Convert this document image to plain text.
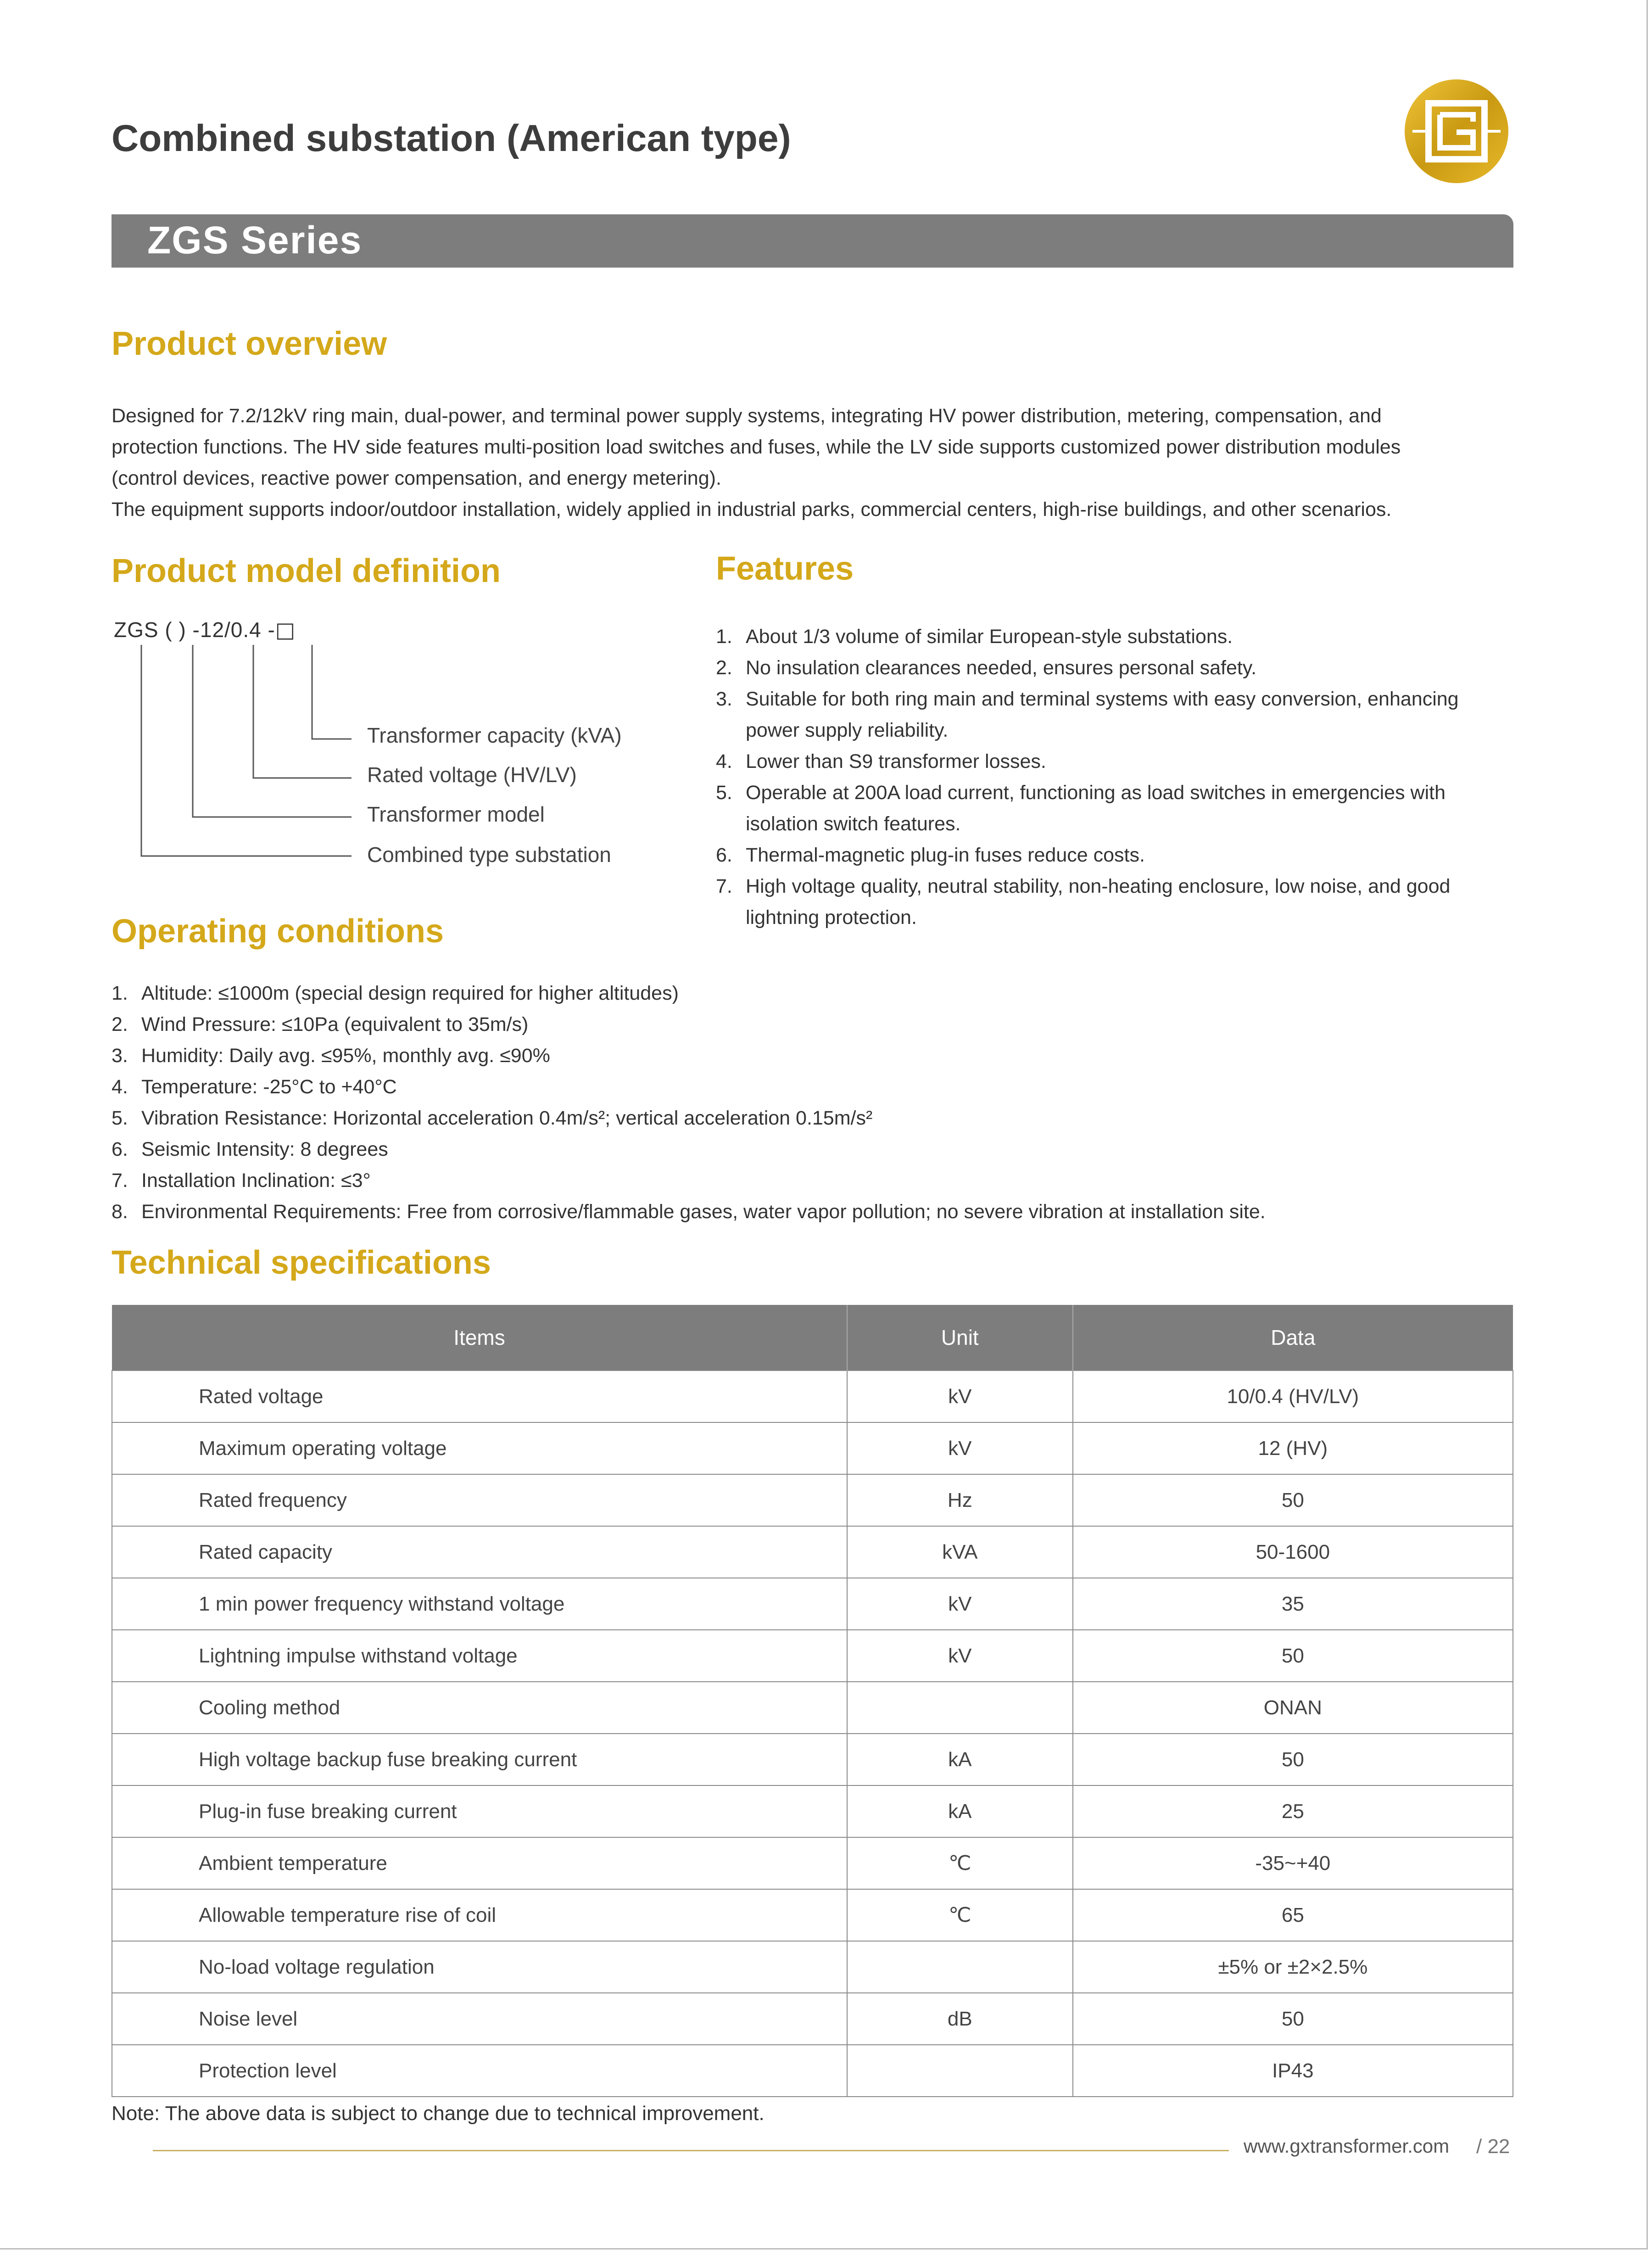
Combined substation (American type)
ZGS Series
Product overview

Designed for 7.2/12kV ring main, dual-power, and terminal power supply systems, integrating HV power distribution, metering, compensation, and

protection functions. The HV side features multi-position load switches and fuses, while the LV side supports customized power distribution modules

(control devices, reactive power compensation, and energy metering).

The equipment supports indoor/outdoor installation, widely applied in industrial parks, commercial centers, high-rise buildings, and other scenarios.

Product model definition
ZGS ( ) -12/0.4 -□
Transformer capacity (kVA)
Rated voltage (HV/LV)
Transformer model
Combined type substation
Features
1. About 1/3 volume of similar European-style substations.
2. No insulation clearances needed, ensures personal safety.
3. Suitable for both ring main and terminal systems with easy conversion, enhancing
power supply reliability.
4. Lower than S9 transformer losses.
5. Operable at 200A load current, functioning as load switches in emergencies with
isolation switch features.
6. Thermal-magnetic plug-in fuses reduce costs.
7. High voltage quality, neutral stability, non-heating enclosure, low noise, and good
lightning protection.
Operating conditions
1. Altitude: ≤1000m (special design required for higher altitudes)
2. Wind Pressure: ≤10Pa (equivalent to 35m/s)
3. Humidity: Daily avg. ≤95%, monthly avg. ≤90%
4. Temperature: -25°C to +40°C
5. Vibration Resistance: Horizontal acceleration 0.4m/s²; vertical acceleration 0.15m/s²
6. Seismic Intensity: 8 degrees
7. Installation Inclination: ≤3°
8. Environmental Requirements: Free from corrosive/flammable gases, water vapor pollution; no severe vibration at installation site.
Technical specifications
Items	Unit	Data
Rated voltage	kV	10/0.4 (HV/LV)
Maximum operating voltage	kV	12 (HV)
Rated frequency	Hz	50
Rated capacity	kVA	50-1600
1 min power frequency withstand voltage	kV	35
Lightning impulse withstand voltage	kV	50
Cooling method		ONAN
High voltage backup fuse breaking current	kA	50
Plug-in fuse breaking current	kA	25
Ambient temperature	℃	-35~+40
Allowable temperature rise of coil	℃	65
No-load voltage regulation		±5% or ±2×2.5%
Noise level	dB	50
Protection level		IP43
Note: The above data is subject to change due to technical improvement.
www.gxtransformer.com / 22
